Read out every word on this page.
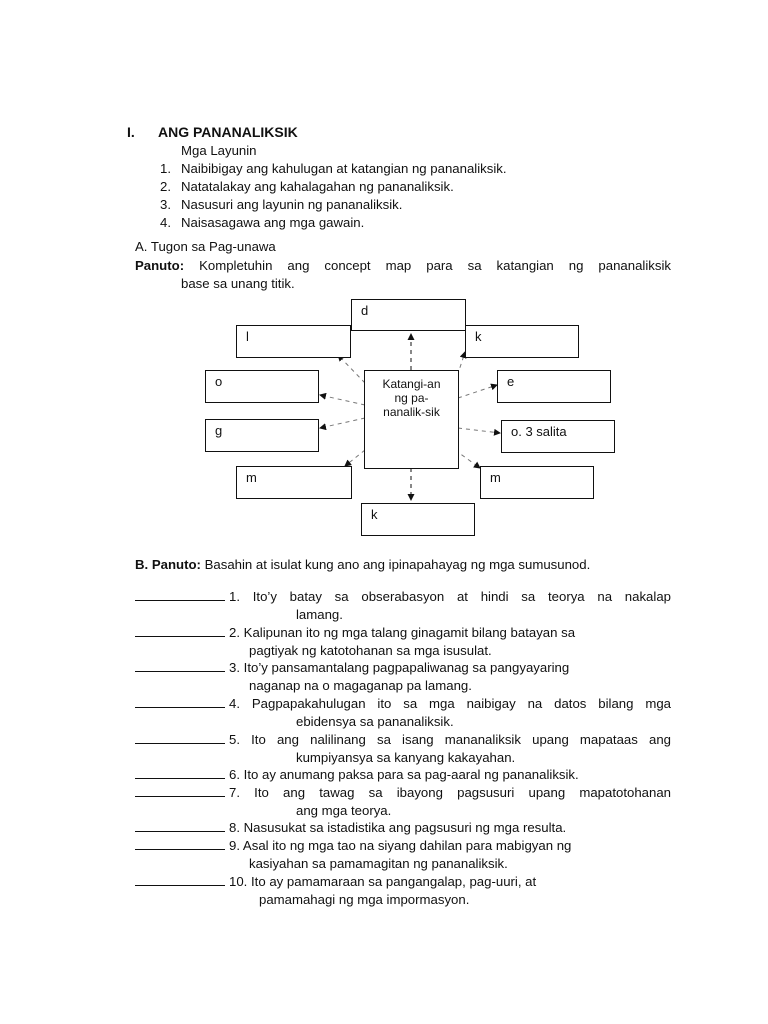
I. ANG PANANALIKSIK
Mga Layunin
1. Naibibigay ang kahulugan at katangian ng pananaliksik.
2. Natatalakay ang kahalagahan ng pananaliksik.
3. Nasusuri ang layunin ng pananaliksik.
4. Naisasagawa ang mga gawain.
A. Tugon sa Pag-unawa
Panuto: Kompletuhin ang concept map para sa katangian ng pananaliksik
base sa unang titik.
d
l	k
o	e
g	o. 3 salita
m	m
k
Katangi-an
ng pa-
nanalik-sik
B. Panuto: Basahin at isulat kung ano ang ipinapahayag ng mga sumusunod.
1. Ito’y batay sa obserabasyon at hindi sa teorya na nakalap
lamang.
2. Kalipunan ito ng mga talang ginagamit bilang batayan sa
pagtiyak ng katotohanan sa mga isusulat.
3. Ito’y pansamantalang pagpapaliwanag sa pangyayaring
naganap na o magaganap pa lamang.
4. Pagpapakahulugan ito sa mga naibigay na datos bilang mga
ebidensya sa pananaliksik.
5. Ito ang nalilinang sa isang mananaliksik upang mapataas ang
kumpiyansya sa kanyang kakayahan.
6. Ito ay anumang paksa para sa pag-aaral ng pananaliksik.
7. Ito ang tawag sa ibayong pagsusuri upang mapatotohanan
ang mga teorya.
8. Nasusukat sa istadistika ang pagsusuri ng mga resulta.
9. Asal ito ng mga tao na siyang dahilan para mabigyan ng
kasiyahan sa pamamagitan ng pananaliksik.
10. Ito ay pamamaraan sa pangangalap, pag-uuri, at
pamamahagi ng mga impormasyon.
